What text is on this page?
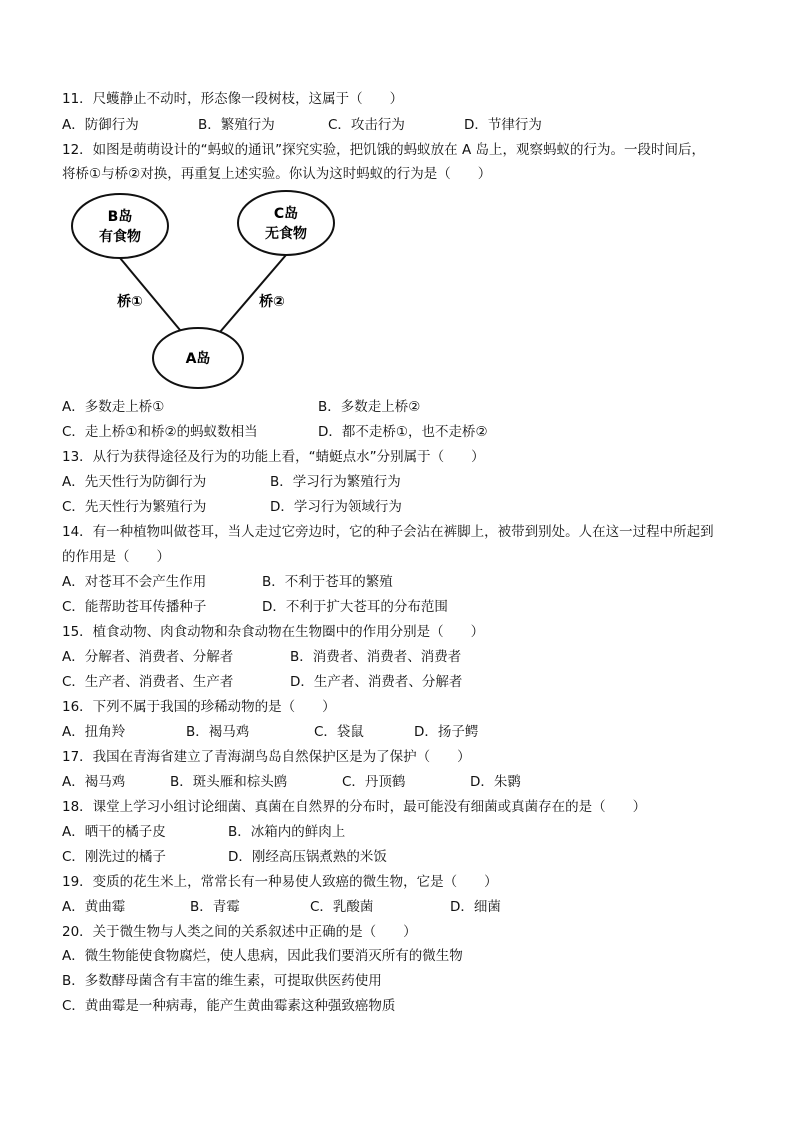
11．尺蠖静止不动时，形态像一段树枝，这属于（　　）
A．防御行为	B．繁殖行为	C．攻击行为	D．节律行为
12．如图是萌萌设计的“蚂蚁的通讯”探究实验，把饥饿的蚂蚁放在 A 岛上，观察蚂蚁的行为。一段时间后，
将桥①与桥②对换，再重复上述实验。你认为这时蚂蚁的行为是（　　）
B岛
有食物
C岛
无食物
A岛
桥①	桥②
A．多数走上桥①	B．多数走上桥②
C．走上桥①和桥②的蚂蚁数相当	D．都不走桥①，也不走桥②
13．从行为获得途径及行为的功能上看，“蜻蜓点水”分别属于（　　）
A．先天性行为防御行为	B．学习行为繁殖行为
C．先天性行为繁殖行为	D．学习行为领域行为
14．有一种植物叫做苍耳，当人走过它旁边时，它的种子会沾在裤脚上，被带到别处。人在这一过程中所起到
的作用是（　　）
A．对苍耳不会产生作用	B．不利于苍耳的繁殖
C．能帮助苍耳传播种子	D．不利于扩大苍耳的分布范围
15．植食动物、肉食动物和杂食动物在生物圈中的作用分别是（　　）
A．分解者、消费者、分解者	B．消费者、消费者、消费者
C．生产者、消费者、生产者	D．生产者、消费者、分解者
16．下列不属于我国的珍稀动物的是（　　）
A．扭角羚	B．褐马鸡	C．袋鼠	D．扬子鳄
17．我国在青海省建立了青海湖鸟岛自然保护区是为了保护（　　）
A．褐马鸡	B．斑头雁和棕头鸥	C．丹顶鹤	D．朱鹮
18．课堂上学习小组讨论细菌、真菌在自然界的分布时，最可能没有细菌或真菌存在的是（　　）
A．晒干的橘子皮	B．冰箱内的鲜肉上
C．刚洗过的橘子	D．刚经高压锅煮熟的米饭
19．变质的花生米上，常常长有一种易使人致癌的微生物，它是（　　）
A．黄曲霉	B．青霉	C．乳酸菌	D．细菌
20．关于微生物与人类之间的关系叙述中正确的是（　　）
A．微生物能使食物腐烂，使人患病，因此我们要消灭所有的微生物
B．多数酵母菌含有丰富的维生素，可提取供医药使用
C．黄曲霉是一种病毒，能产生黄曲霉素这种强致癌物质
